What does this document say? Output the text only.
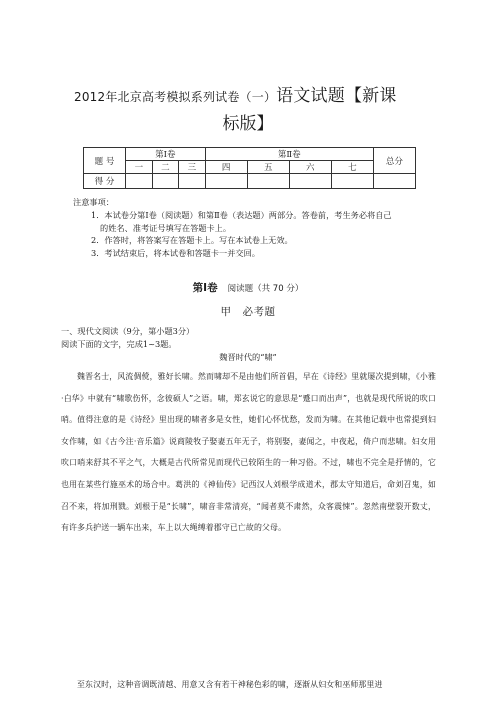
2012年北京高考模拟系列试卷（一）语文试题【新课
标版】
题 号	第Ⅰ卷			第Ⅱ卷				总分
	一	二	三	四	五	六	七	
得 分								
注意事项：
1．本试卷分第Ⅰ卷（阅读题）和第Ⅱ卷（表达题）两部分。答卷前，考生务必将自己
的姓名、准考证号填写在答题卡上。
2．作答时，将答案写在答题卡上。写在本试卷上无效。
3．考试结束后，将本试卷和答题卡一并交回。
第Ⅰ卷 阅读题（共 70 分）
甲　必考题
一、现代文阅读（9分，第小题3分）
阅读下面的文字，完成1~3题。
魏晋时代的“啸”
魏晋名士，风流倜傥，雅好长啸。然而啸却不是由他们所首倡，早在《诗经》里就屡次提到啸，《小雅·白华》中就有“啸歌伤怀，念彼硕人”之语。啸，郑玄说它的意思是“蹙口而出声”，也就是现代所说的吹口哨。值得注意的是《诗经》里出现的啸者多是女性，她们心怀忧愁，发而为啸。在其他记载中也常提到妇女作啸，如《古今注·音乐篇》说商陵牧子娶妻五年无子，将别娶，妻闻之，中夜起，倚户而悲啸。妇女用吹口哨来舒其不平之气，大概是古代所常见而现代已较陌生的一种习俗。不过，啸也不完全是抒情的，它也用在某些行施巫术的场合中。葛洪的《神仙传》记西汉人刘根学成道术，郡太守知道后，命刘召鬼，如召不来，将加刑戮。刘根于是“长啸”，啸音非常清亮，“闻者莫不肃然，众客震悚”。忽然南壁裂开数丈，有许多兵护送一辆车出来，车上以大绳缚着郡守已亡故的父母。
至东汉时，这种音调既清越、用意又含有若干神秘色彩的啸，逐渐从妇女和巫师那里进
